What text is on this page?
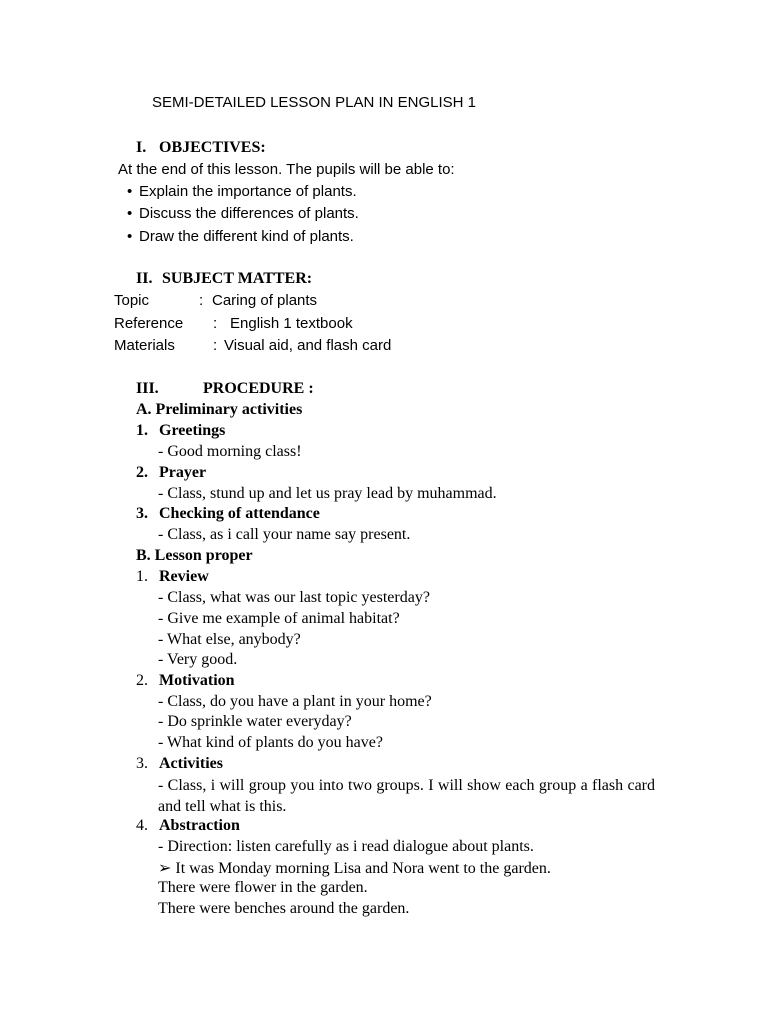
SEMI-DETAILED LESSON PLAN IN ENGLISH 1
I. OBJECTIVES:
At the end of this lesson. The pupils will be able to:
• Explain the importance of plants.
• Discuss the differences of plants.
• Draw the different kind of plants.
II. SUBJECT MATTER:
Topic	: Caring of plants
Reference : English 1 textbook
Materials	: Visual aid, and flash card
III.	PROCEDURE :
A. Preliminary activities
1. Greetings
- Good morning class!
2. Prayer
- Class, stund up and let us pray lead by muhammad.
3. Checking of attendance
- Class, as i call your name say present.
B. Lesson proper
1. Review
- Class, what was our last topic yesterday?
- Give me example of animal habitat?
- What else, anybody?
- Very good.
2. Motivation
- Class, do you have a plant in your home?
- Do sprinkle water everyday?
- What kind of plants do you have?
3. Activities
- Class, i will group you into two groups. I will show each group a flash card and tell what is this.
4. Abstraction
- Direction: listen carefully as i read dialogue about plants.
➢ It was Monday morning Lisa and Nora went to the garden.
There were flower in the garden.
There were benches around the garden.
